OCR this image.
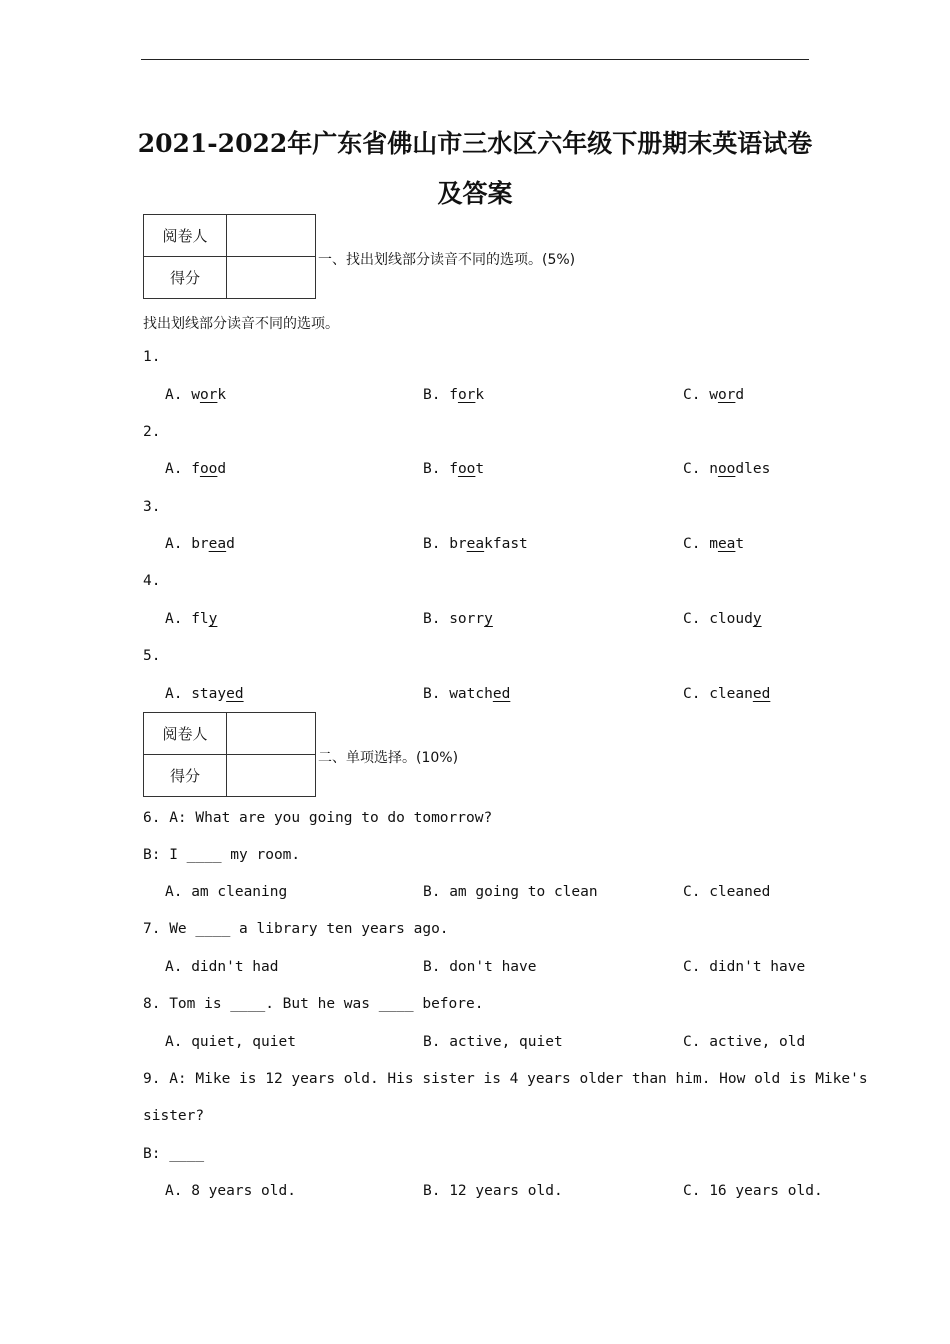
2021-2022年广东省佛山市三水区六年级下册期末英语试卷
及答案
阅卷人	
得分	
一、找出划线部分读音不同的选项。(5%)
找出划线部分读音不同的选项。
1.
A. work	B. fork	C. word
2.
A. food	B. foot	C. noodles
3.
A. bread	B. breakfast	C. meat
4.
A. fly	B. sorry	C. cloudy
5.
A. stayed	B. watched	C. cleaned
阅卷人	
得分	
二、单项选择。(10%)
6. A: What are you going to do tomorrow?
B: I ____ my room.
A. am cleaning	B. am going to clean	C. cleaned
7. We ____ a library ten years ago.
A. didn't had	B. don't have	C. didn't have
8. Tom is ____. But he was ____ before.
A. quiet, quiet	B. active, quiet	C. active, old
9. A: Mike is 12 years old. His sister is 4 years older than him. How old is Mike's
sister?
B: ____
A. 8 years old.	B. 12 years old.	C. 16 years old.
